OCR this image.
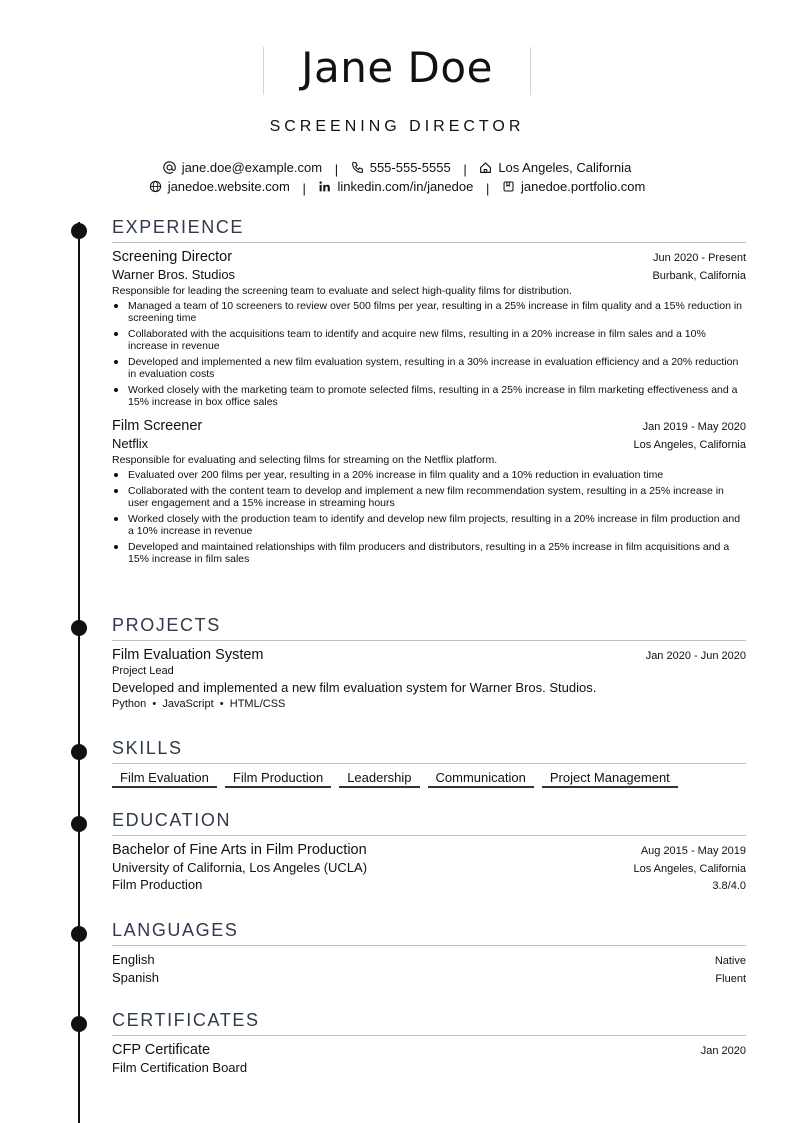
Jane Doe
SCREENING DIRECTOR
jane.doe@example.com | 555-555-5555 | Los Angeles, California
janedoe.website.com | linkedin.com/in/janedoe | janedoe.portfolio.com
EXPERIENCE
Screening Director	Jun 2020 - Present
Warner Bros. Studios	Burbank, California
Responsible for leading the screening team to evaluate and select high-quality films for distribution.
Managed a team of 10 screeners to review over 500 films per year, resulting in a 25% increase in film quality and a 15% reduction in screening time
Collaborated with the acquisitions team to identify and acquire new films, resulting in a 20% increase in film sales and a 10% increase in revenue
Developed and implemented a new film evaluation system, resulting in a 30% increase in evaluation efficiency and a 20% reduction in evaluation costs
Worked closely with the marketing team to promote selected films, resulting in a 25% increase in film marketing effectiveness and a 15% increase in box office sales
Film Screener	Jan 2019 - May 2020
Netflix	Los Angeles, California
Responsible for evaluating and selecting films for streaming on the Netflix platform.
Evaluated over 200 films per year, resulting in a 20% increase in film quality and a 10% reduction in evaluation time
Collaborated with the content team to develop and implement a new film recommendation system, resulting in a 25% increase in user engagement and a 15% increase in streaming hours
Worked closely with the production team to identify and develop new film projects, resulting in a 20% increase in film production and a 10% increase in revenue
Developed and maintained relationships with film producers and distributors, resulting in a 25% increase in film acquisitions and a 15% increase in film sales
PROJECTS
Film Evaluation System	Jan 2020 - Jun 2020
Project Lead
Developed and implemented a new film evaluation system for Warner Bros. Studios.
Python  •  JavaScript  •  HTML/CSS
SKILLS
Film Evaluation	Film Production	Leadership	Communication	Project Management
EDUCATION
Bachelor of Fine Arts in Film Production	Aug 2015 - May 2019
University of California, Los Angeles (UCLA)	Los Angeles, California
Film Production	3.8/4.0
LANGUAGES
English	Native
Spanish	Fluent
CERTIFICATES
CFP Certificate	Jan 2020
Film Certification Board
